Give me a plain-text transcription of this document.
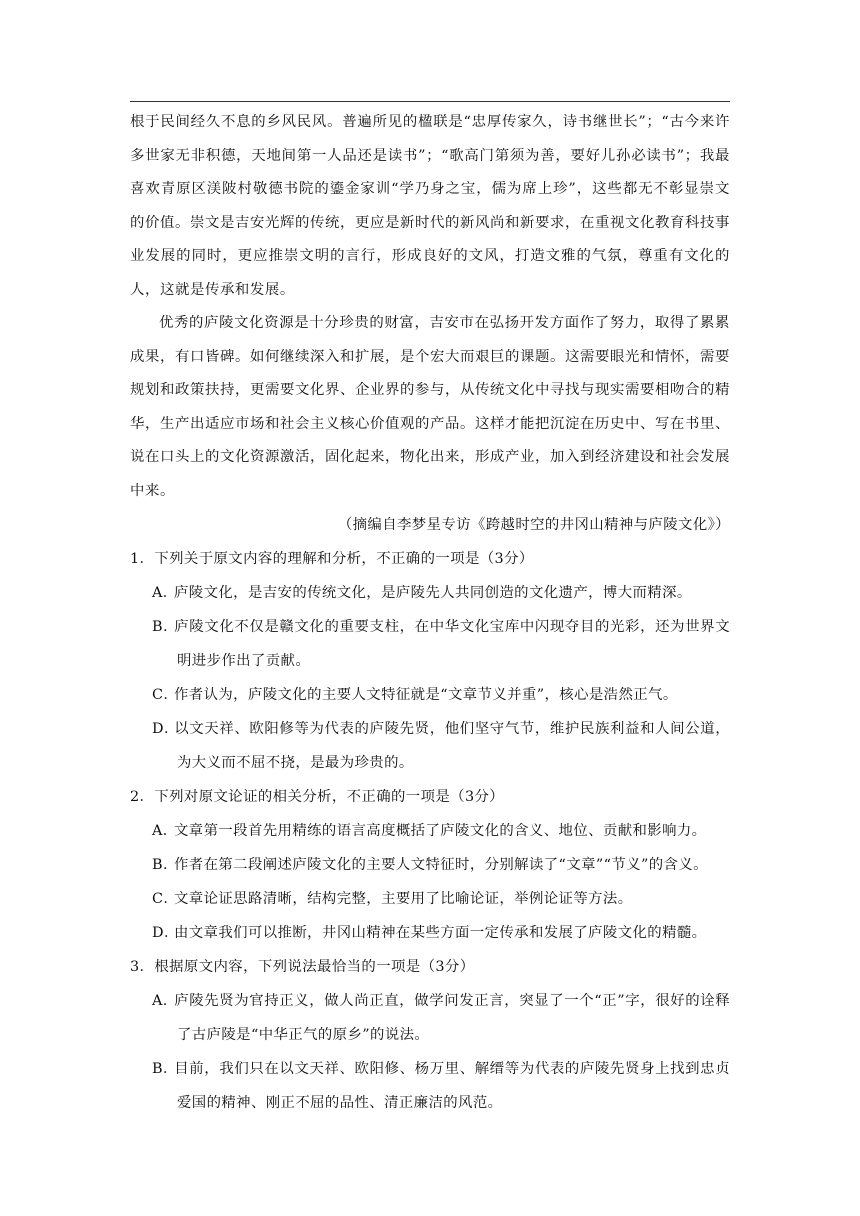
根于民间经久不息的乡风民风。普遍所见的楹联是“忠厚传家久，诗书继世长”；“古今来许多世家无非积德，天地间第一人品还是读书”；“歌高门第须为善，要好儿孙必读书”；我最喜欢青原区渼陂村敬德书院的鎏金家训“学乃身之宝，儒为席上珍”，这些都无不彰显崇文的价值。崇文是吉安光辉的传统，更应是新时代的新风尚和新要求，在重视文化教育科技事业发展的同时，更应推崇文明的言行，形成良好的文风，打造文雅的气氛，尊重有文化的人，这就是传承和发展。

优秀的庐陵文化资源是十分珍贵的财富，吉安市在弘扬开发方面作了努力，取得了累累成果，有口皆碑。如何继续深入和扩展，是个宏大而艰巨的课题。这需要眼光和情怀，需要规划和政策扶持，更需要文化界、企业界的参与，从传统文化中寻找与现实需要相吻合的精华，生产出适应市场和社会主义核心价值观的产品。这样才能把沉淀在历史中、写在书里、说在口头上的文化资源激活，固化起来，物化出来，形成产业，加入到经济建设和社会发展中来。

（摘编自李梦星专访《跨越时空的井冈山精神与庐陵文化》）

1．下列关于原文内容的理解和分析，不正确的一项是（3分）

A．庐陵文化，是吉安的传统文化，是庐陵先人共同创造的文化遗产，博大而精深。

B. 庐陵文化不仅是赣文化的重要支柱，在中华文化宝库中闪现夺目的光彩，还为世界文明进步作出了贡献。

C．作者认为，庐陵文化的主要人文特征就是“文章节义并重”，核心是浩然正气。

D．以文天祥、欧阳修等为代表的庐陵先贤，他们坚守气节，维护民族利益和人间公道，为大义而不屈不挠，是最为珍贵的。

2．下列对原文论证的相关分析，不正确的一项是（3分）

A．文章第一段首先用精练的语言高度概括了庐陵文化的含义、地位、贡献和影响力。

B. 作者在第二段阐述庐陵文化的主要人文特征时，分别解读了“文章”“节义”的含义。

C．文章论证思路清晰，结构完整，主要用了比喻论证，举例论证等方法。

D．由文章我们可以推断，井冈山精神在某些方面一定传承和发展了庐陵文化的精髓。

3．根据原文内容，下列说法最恰当的一项是（3分）

A. 庐陵先贤为官持正义，做人尚正直，做学问发正言，突显了一个“正”字，很好的诠释了古庐陵是“中华正气的原乡”的说法。

B．目前，我们只在以文天祥、欧阳修、杨万里、解缙等为代表的庐陵先贤身上找到忠贞爱国的精神、刚正不屈的品性、清正廉洁的风范。
